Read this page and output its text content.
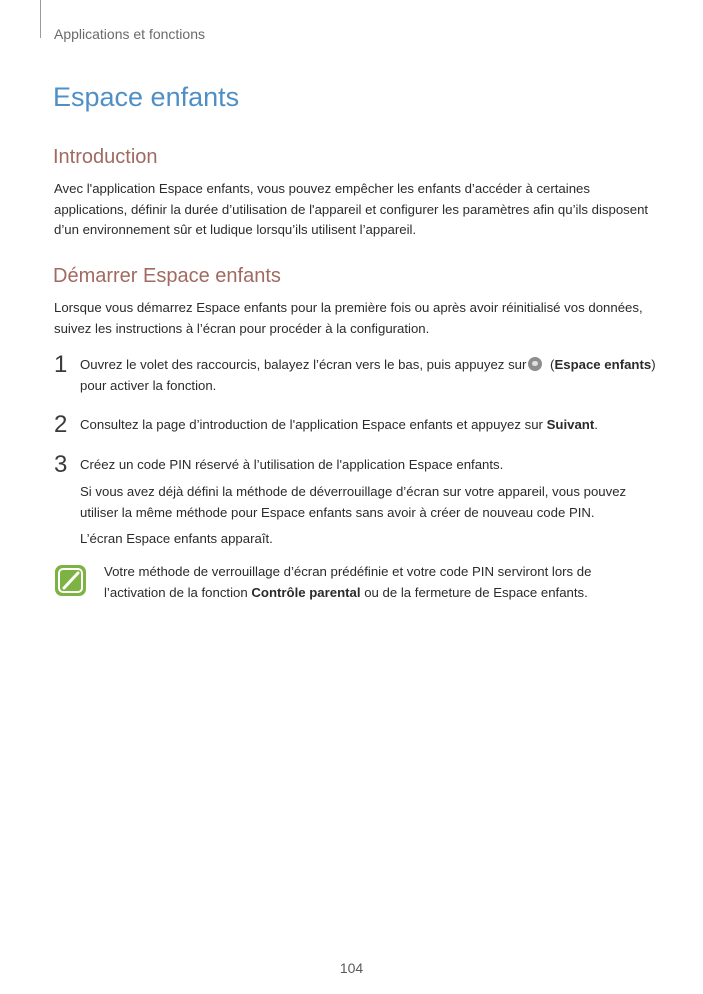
Applications et fonctions
Espace enfants
Introduction

Avec l'application Espace enfants, vous pouvez empêcher les enfants d’accéder à certaines applications, définir la durée d’utilisation de l'appareil et configurer les paramètres afin qu’ils disposent d’un environnement sûr et ludique lorsqu’ils utilisent l’appareil.

Démarrer Espace enfants

Lorsque vous démarrez Espace enfants pour la première fois ou après avoir réinitialisé vos données, suivez les instructions à l’écran pour procéder à la configuration.

1 Ouvrez le volet des raccourcis, balayez l’écran vers le bas, puis appuyez sur (Espace enfants) pour activer la fonction.

2 Consultez la page d’introduction de l'application Espace enfants et appuyez sur Suivant.

3 Créez un code PIN réservé à l’utilisation de l'application Espace enfants.

Si vous avez déjà défini la méthode de déverrouillage d’écran sur votre appareil, vous pouvez utiliser la même méthode pour Espace enfants sans avoir à créer de nouveau code PIN.

L’écran Espace enfants apparaît.

Votre méthode de verrouillage d’écran prédéfinie et votre code PIN serviront lors de l’activation de la fonction Contrôle parental ou de la fermeture de Espace enfants.

104
